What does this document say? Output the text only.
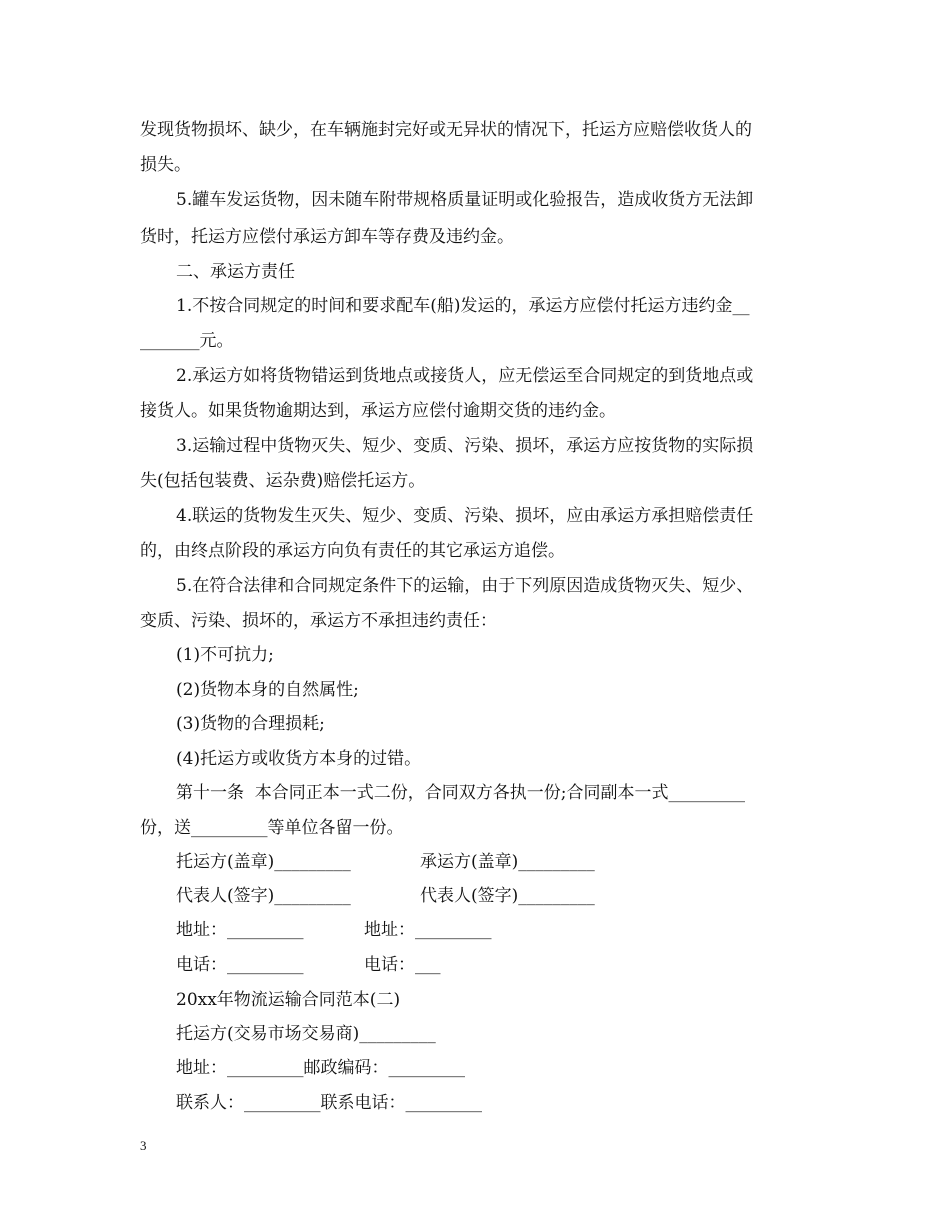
发现货物损坏、缺少，在车辆施封完好或无异状的情况下，托运方应赔偿收货人的
损失。
5.罐车发运货物，因未随车附带规格质量证明或化验报告，造成收货方无法卸
货时，托运方应偿付承运方卸车等存费及违约金。
二、承运方责任
1.不按合同规定的时间和要求配车(船)发运的，承运方应偿付托运方违约金__
_______元。
2.承运方如将货物错运到货地点或接货人，应无偿运至合同规定的到货地点或
接货人。如果货物逾期达到，承运方应偿付逾期交货的违约金。
3.运输过程中货物灭失、短少、变质、污染、损坏，承运方应按货物的实际损
失(包括包装费、运杂费)赔偿托运方。
4.联运的货物发生灭失、短少、变质、污染、损坏，应由承运方承担赔偿责任
的，由终点阶段的承运方向负有责任的其它承运方追偿。
5.在符合法律和合同规定条件下的运输，由于下列原因造成货物灭失、短少、
变质、污染、损坏的，承运方不承担违约责任：
(1)不可抗力;
(2)货物本身的自然属性;
(3)货物的合理损耗;
(4)托运方或收货方本身的过错。
第十一条  本合同正本一式二份，合同双方各执一份;合同副本一式_________
份，送_________等单位各留一份。
托运方(盖章)_________	承运方(盖章)_________
代表人(签字)_________	代表人(签字)_________
地址：_________	地址：_________
电话：_________	电话：___
20xx年物流运输合同范本(二)
托运方(交易市场交易商)_________
地址：_________邮政编码：_________
联系人：_________联系电话：_________
3
